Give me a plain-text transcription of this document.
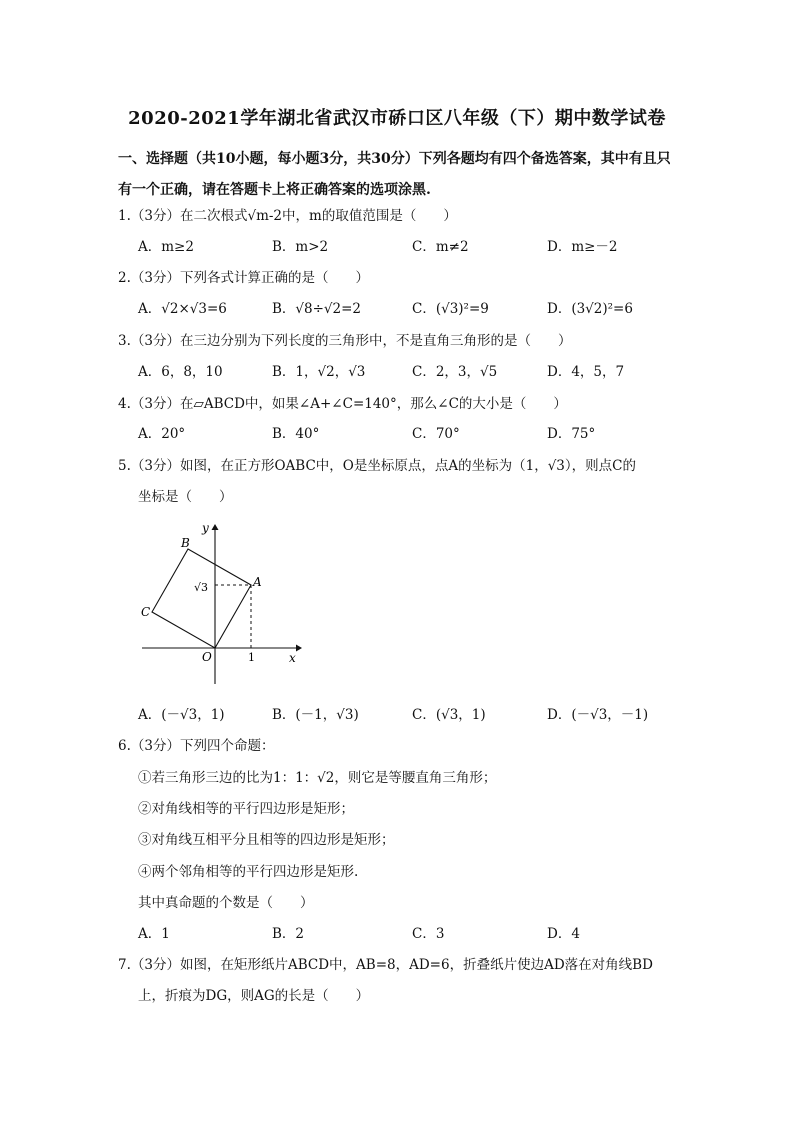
2020-2021学年湖北省武汉市硚口区八年级（下）期中数学试卷
一、选择题（共10小题，每小题3分，共30分）下列各题均有四个备选答案，其中有且只有一个正确，请在答题卡上将正确答案的选项涂黑.
1.（3分）在二次根式√m-2中，m的取值范围是（　　）
A．m≥2	B．m>2	C．m≠2	D．m≥－2
2.（3分）下列各式计算正确的是（　　）
A．√2×√3=6	B．√8÷√2=2	C．(√3)²=9	D．(3√2)²=6
3.（3分）在三边分别为下列长度的三角形中，不是直角三角形的是（　　）
A．6，8，10	B．1，√2，√3	C．2，3，√5	D．4，5，7
4.（3分）在▱ABCD中，如果∠A+∠C=140°，那么∠C的大小是（　　）
A．20°	B．40°	C．70°	D．75°
5.（3分）如图，在正方形OABC中，O是坐标原点，点A的坐标为（1，√3），则点C的
坐标是（　　）
y
x
B
A
C
O
√3
1
A．(－√3，1)	B．(－1，√3)	C．(√3，1)	D．(－√3，－1)
6.（3分）下列四个命题：
①若三角形三边的比为1：1：√2，则它是等腰直角三角形；
②对角线相等的平行四边形是矩形；
③对角线互相平分且相等的四边形是矩形；
④两个邻角相等的平行四边形是矩形.
其中真命题的个数是（　　）
A．1	B．2	C．3	D．4
7.（3分）如图，在矩形纸片ABCD中，AB=8，AD=6，折叠纸片使边AD落在对角线BD
上，折痕为DG，则AG的长是（　　）
